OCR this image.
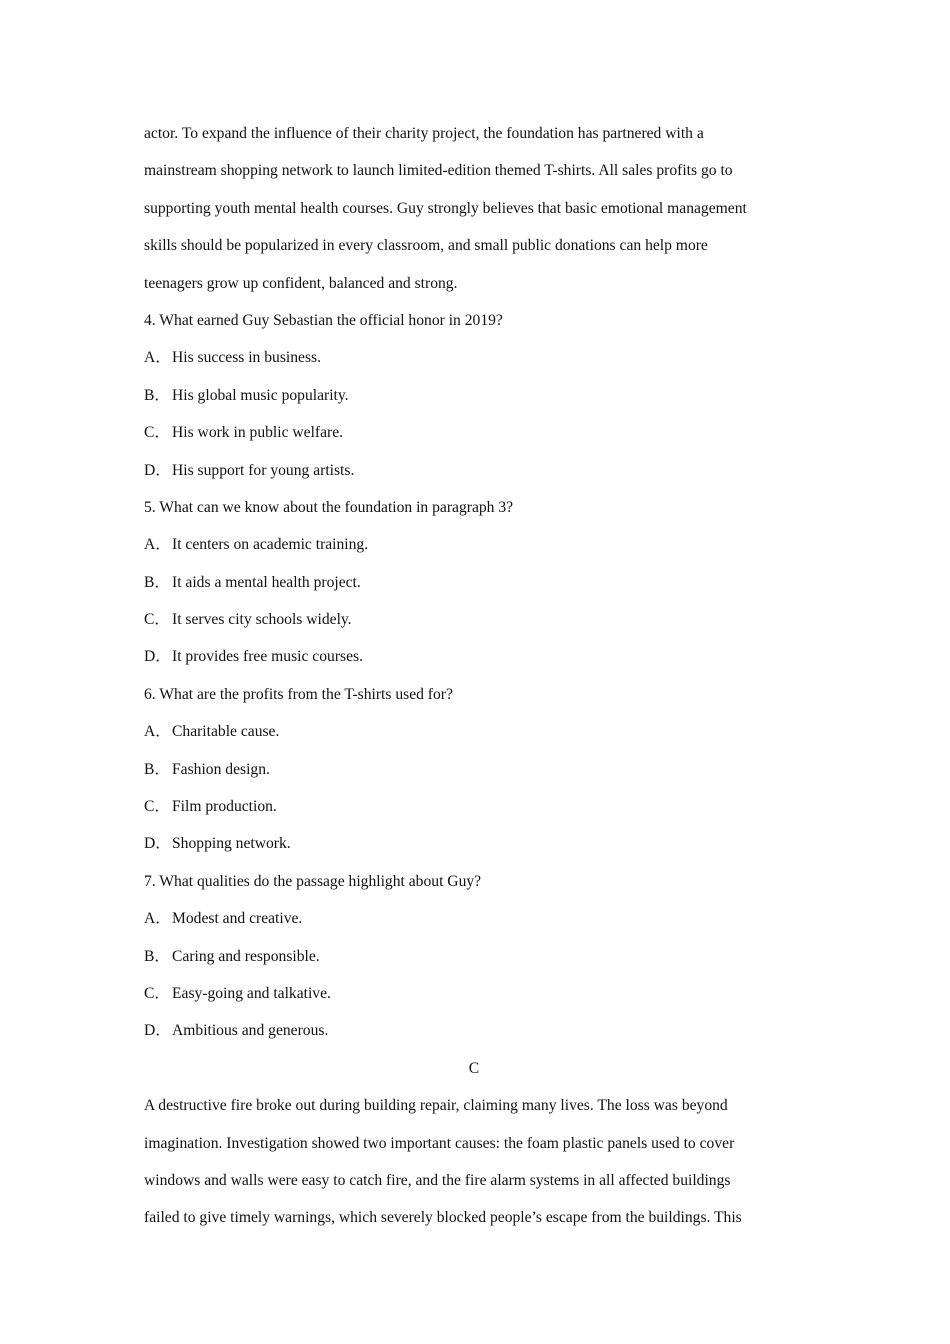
actor. To expand the influence of their charity project, the foundation has partnered with a
mainstream shopping network to launch limited-edition themed T-shirts. All sales profits go to
supporting youth mental health courses. Guy strongly believes that basic emotional management
skills should be popularized in every classroom, and small public donations can help more
teenagers grow up confident, balanced and strong.
4. What earned Guy Sebastian the official honor in 2019?
A．His success in business.
B． His global music popularity.
C． His work in public welfare.
D．His support for young artists.
5. What can we know about the foundation in paragraph 3?
A．It centers on academic training.
B． It aids a mental health project.
C． It serves city schools widely.
D．It provides free music courses.
6. What are the profits from the T-shirts used for?
A．Charitable cause.
B． Fashion design.
C． Film production.
D．Shopping network.
7. What qualities do the passage highlight about Guy?
A．Modest and creative.
B． Caring and responsible.
C． Easy-going and talkative.
D．Ambitious and generous.
C
A destructive fire broke out during building repair, claiming many lives. The loss was beyond
imagination. Investigation showed two important causes: the foam plastic panels used to cover
windows and walls were easy to catch fire, and the fire alarm systems in all affected buildings
failed to give timely warnings, which severely blocked people’s escape from the buildings. This
